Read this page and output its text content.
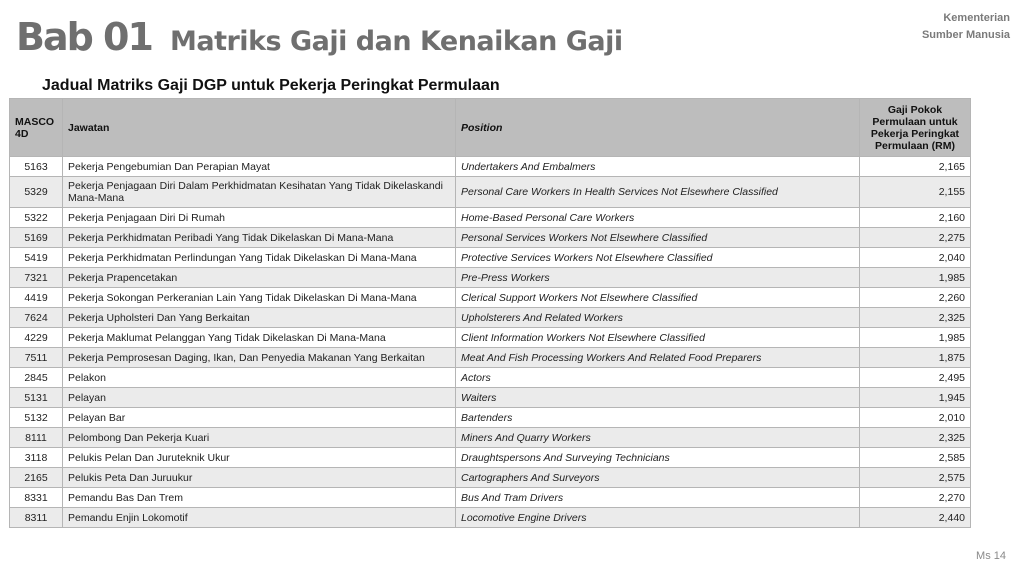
Bab 01 Matriks Gaji dan Kenaikan Gaji
Kementerian
Sumber Manusia
Jadual Matriks Gaji DGP untuk Pekerja Peringkat Permulaan
MASCO 4D	Jawatan	Position	Gaji Pokok Permulaan untuk Pekerja Peringkat Permulaan (RM)
5163	Pekerja Pengebumian Dan Perapian Mayat	Undertakers And Embalmers	2,165
5329	Pekerja Penjagaan Diri Dalam Perkhidmatan Kesihatan Yang Tidak Dikelaskandi Mana-Mana	Personal Care Workers In Health Services Not Elsewhere Classified	2,155
5322	Pekerja Penjagaan Diri Di Rumah	Home-Based Personal Care Workers	2,160
5169	Pekerja Perkhidmatan Peribadi Yang Tidak Dikelaskan Di Mana-Mana	Personal Services Workers Not Elsewhere Classified	2,275
5419	Pekerja Perkhidmatan Perlindungan Yang Tidak Dikelaskan Di Mana-Mana	Protective Services Workers Not Elsewhere Classified	2,040
7321	Pekerja Prapencetakan	Pre-Press Workers	1,985
4419	Pekerja Sokongan Perkeranian Lain Yang Tidak Dikelaskan Di Mana-Mana	Clerical Support Workers Not Elsewhere Classified	2,260
7624	Pekerja Upholsteri Dan Yang Berkaitan	Upholsterers And Related Workers	2,325
4229	Pekerja Maklumat Pelanggan Yang Tidak Dikelaskan Di Mana-Mana	Client Information Workers Not Elsewhere Classified	1,985
7511	Pekerja Pemprosesan Daging, Ikan, Dan Penyedia Makanan Yang Berkaitan	Meat And Fish Processing Workers And Related Food Preparers	1,875
2845	Pelakon	Actors	2,495
5131	Pelayan	Waiters	1,945
5132	Pelayan Bar	Bartenders	2,010
8111	Pelombong Dan Pekerja Kuari	Miners And Quarry Workers	2,325
3118	Pelukis Pelan Dan Juruteknik Ukur	Draughtspersons And Surveying Technicians	2,585
2165	Pelukis Peta Dan Juruukur	Cartographers And Surveyors	2,575
8331	Pemandu Bas Dan Trem	Bus And Tram Drivers	2,270
8311	Pemandu Enjin Lokomotif	Locomotive Engine Drivers	2,440
Ms 14
